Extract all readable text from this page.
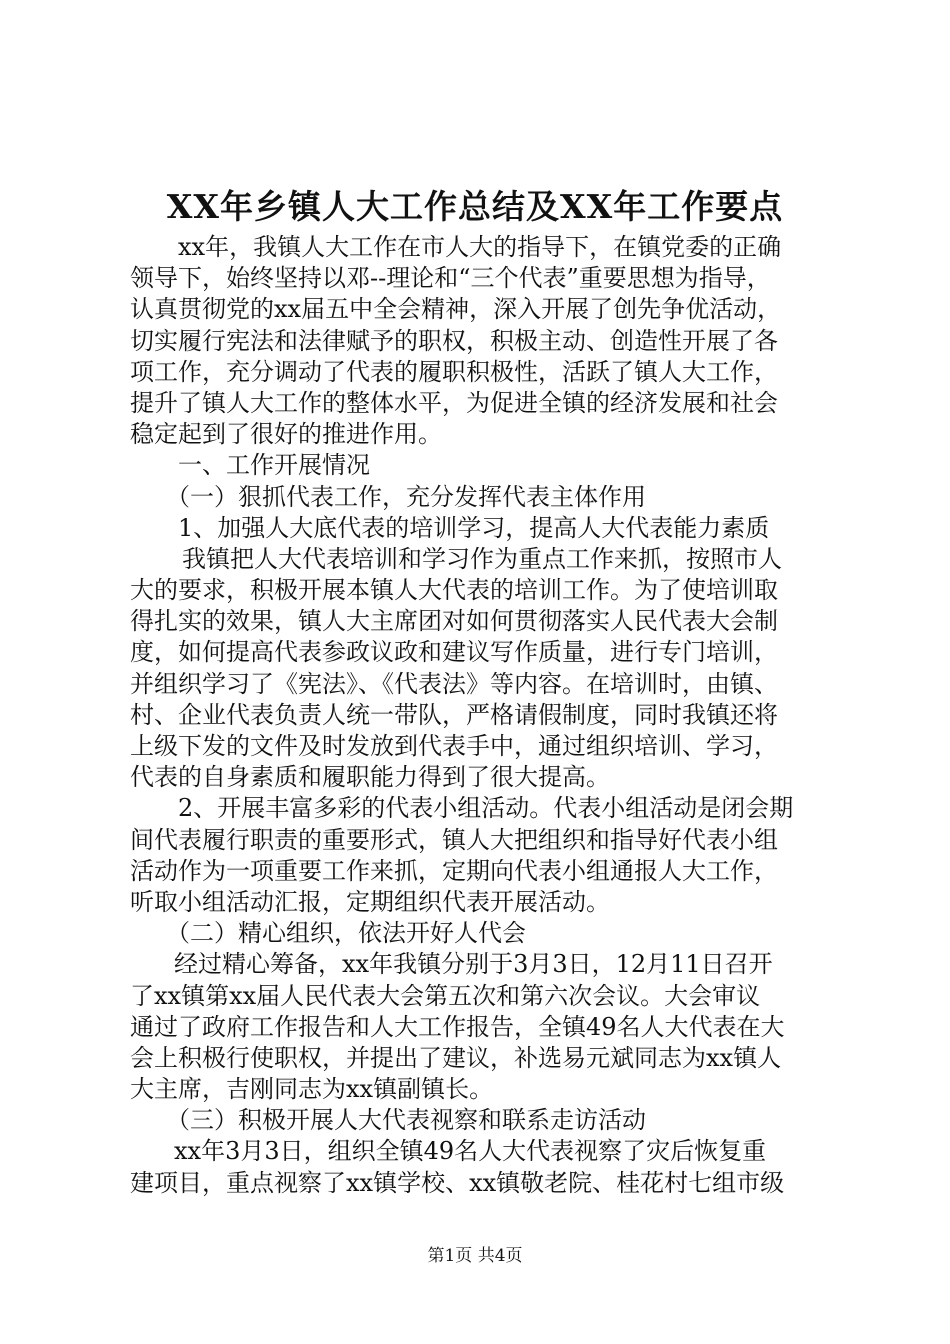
XX年乡镇人大工作总结及XX年工作要点
xx年，我镇人大工作在市人大的指导下，在镇党委的正确
领导下，始终坚持以邓--理论和“三个代表”重要思想为指导，
认真贯彻党的xx届五中全会精神，深入开展了创先争优活动，
切实履行宪法和法律赋予的职权，积极主动、创造性开展了各
项工作，充分调动了代表的履职积极性，活跃了镇人大工作，
提升了镇人大工作的整体水平，为促进全镇的经济发展和社会
稳定起到了很好的推进作用。
一、工作开展情况
（一）狠抓代表工作，充分发挥代表主体作用
1、加强人大底代表的培训学习，提高人大代表能力素质
我镇把人大代表培训和学习作为重点工作来抓，按照市人
大的要求，积极开展本镇人大代表的培训工作。为了使培训取
得扎实的效果，镇人大主席团对如何贯彻落实人民代表大会制
度，如何提高代表参政议政和建议写作质量，进行专门培训，
并组织学习了《宪法》、《代表法》等内容。在培训时，由镇、
村、企业代表负责人统一带队，严格请假制度，同时我镇还将
上级下发的文件及时发放到代表手中，通过组织培训、学习，
代表的自身素质和履职能力得到了很大提高。
2、开展丰富多彩的代表小组活动。代表小组活动是闭会期
间代表履行职责的重要形式，镇人大把组织和指导好代表小组
活动作为一项重要工作来抓，定期向代表小组通报人大工作，
听取小组活动汇报，定期组织代表开展活动。
（二）精心组织，依法开好人代会
经过精心筹备，xx年我镇分别于3月3日，12月11日召开
了xx镇第xx届人民代表大会第五次和第六次会议。大会审议
通过了政府工作报告和人大工作报告，全镇49名人大代表在大
会上积极行使职权，并提出了建议，补选易元斌同志为xx镇人
大主席，吉刚同志为xx镇副镇长。
（三）积极开展人大代表视察和联系走访活动
xx年3月3日，组织全镇49名人大代表视察了灾后恢复重
建项目，重点视察了xx镇学校、xx镇敬老院、桂花村七组市级
第1页 共4页
